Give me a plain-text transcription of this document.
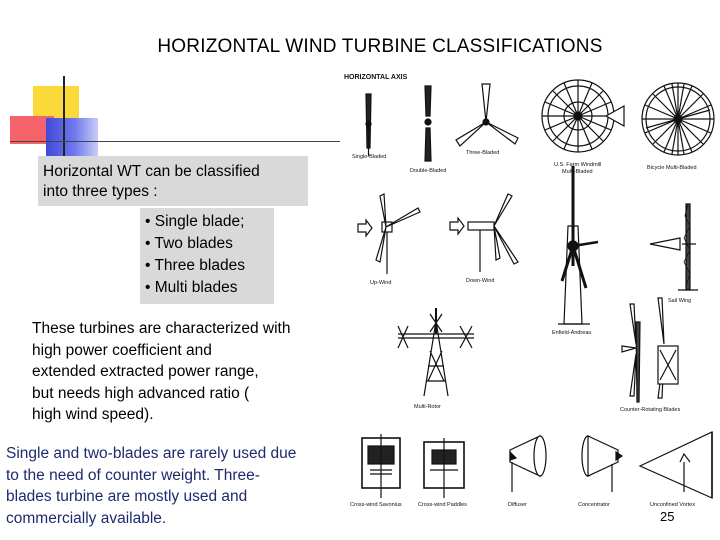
HORIZONTAL WIND TURBINE CLASSIFICATIONS
Horizontal WT can be classified
into three types :
• Single blade;
• Two blades
• Three blades
• Multi blades
These turbines are characterized with
high power coefficient and
extended extracted power range,
but needs high advanced ratio (
high wind speed).
Single and two-blades are rarely used due
to the need of counter weight. Three-
blades turbine are mostly used and
commercially available.	25
HORIZONTAL AXIS
Single-Bladed
Double-Bladed
Three-Bladed
U.S. Farm Windmill
Multi-Bladed
Bicycle Multi-Bladed
Up-Wind	Down-Wind
Enfield-Andreau
Sail Wing
Multi-Rotor	Counter-Rotating Blades
Cross-wind Savonius	Cross-wind Paddles	Diffuser	Concentrator	Unconfined Vortex
